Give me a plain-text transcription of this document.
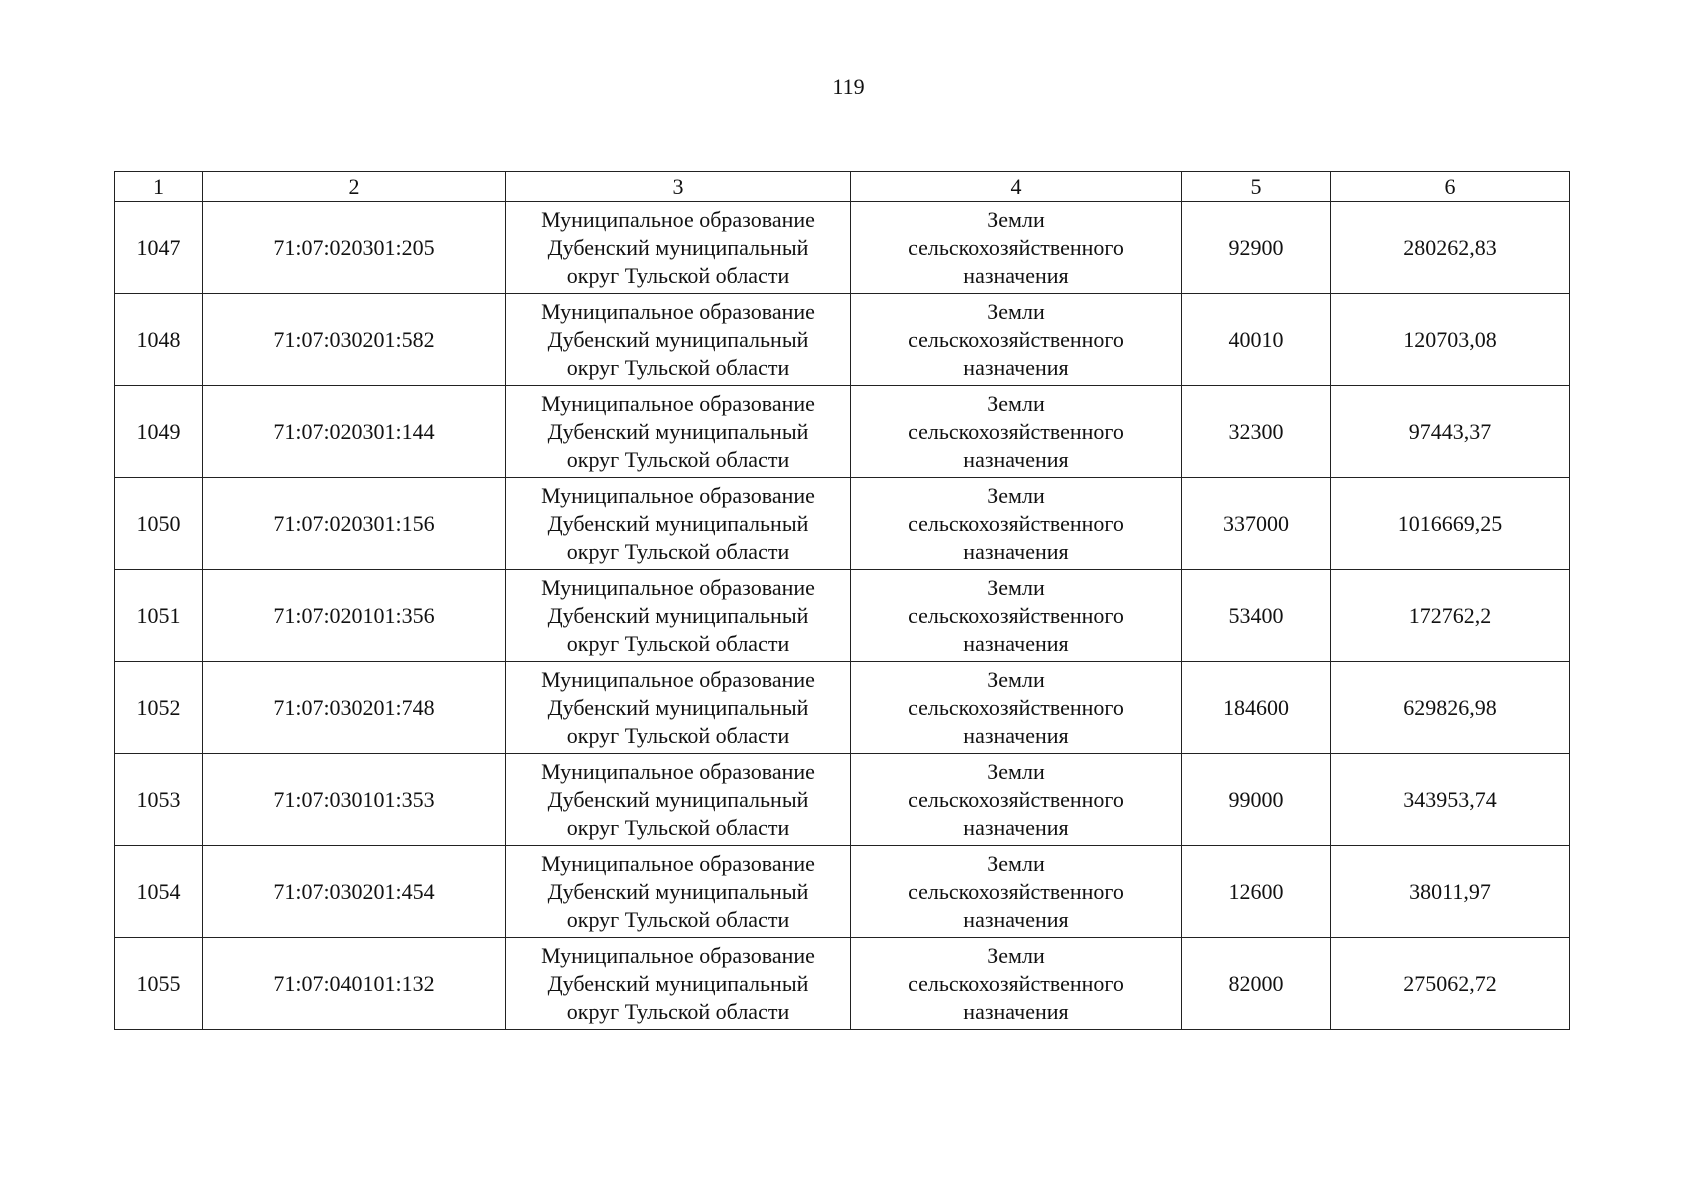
119
1	2	3	4	5	6
1047	71:07:020301:205	Муниципальное образование
Дубенский муниципальный
округ Тульской области	Земли
сельскохозяйственного
назначения	92900	280262,83
1048	71:07:030201:582	Муниципальное образование
Дубенский муниципальный
округ Тульской области	Земли
сельскохозяйственного
назначения	40010	120703,08
1049	71:07:020301:144	Муниципальное образование
Дубенский муниципальный
округ Тульской области	Земли
сельскохозяйственного
назначения	32300	97443,37
1050	71:07:020301:156	Муниципальное образование
Дубенский муниципальный
округ Тульской области	Земли
сельскохозяйственного
назначения	337000	1016669,25
1051	71:07:020101:356	Муниципальное образование
Дубенский муниципальный
округ Тульской области	Земли
сельскохозяйственного
назначения	53400	172762,2
1052	71:07:030201:748	Муниципальное образование
Дубенский муниципальный
округ Тульской области	Земли
сельскохозяйственного
назначения	184600	629826,98
1053	71:07:030101:353	Муниципальное образование
Дубенский муниципальный
округ Тульской области	Земли
сельскохозяйственного
назначения	99000	343953,74
1054	71:07:030201:454	Муниципальное образование
Дубенский муниципальный
округ Тульской области	Земли
сельскохозяйственного
назначения	12600	38011,97
1055	71:07:040101:132	Муниципальное образование
Дубенский муниципальный
округ Тульской области	Земли
сельскохозяйственного
назначения	82000	275062,72
